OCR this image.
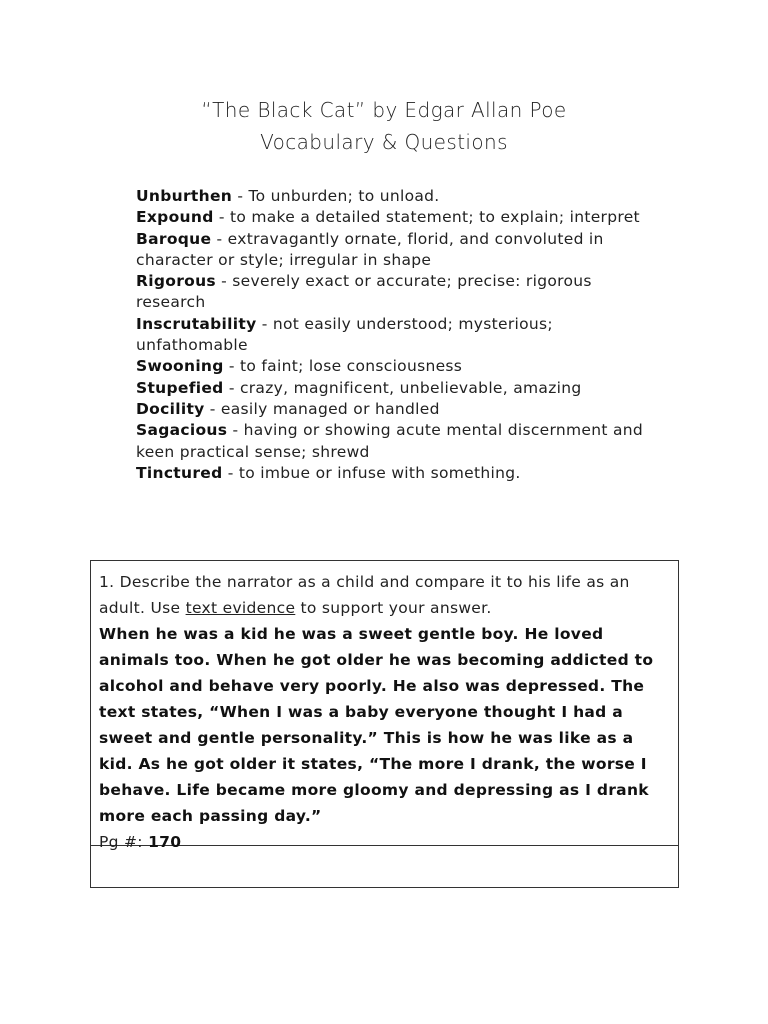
“The Black Cat” by Edgar Allan Poe
Vocabulary & Questions
Unburthen - To unburden; to unload.
Expound - to make a detailed statement; to explain; interpret
Baroque - extravagantly ornate, florid, and convoluted in character or style; irregular in shape
Rigorous - severely exact or accurate; precise: rigorous research
Inscrutability - not easily understood; mysterious; unfathomable
Swooning - to faint; lose consciousness
Stupefied - crazy, magnificent, unbelievable, amazing
Docility - easily managed or handled
Sagacious - having or showing acute mental discernment and keen practical sense; shrewd
Tinctured - to imbue or infuse with something.
1. Describe the narrator as a child and compare it to his life as an adult. Use text evidence to support your answer.
When he was a kid he was a sweet gentle boy. He loved animals too. When he got older he was becoming addicted to alcohol and behave very poorly. He also was depressed. The text states, “When I was a baby everyone thought I had a sweet and gentle personality.” This is how he was like as a kid. As he got older it states, “The more I drank, the worse I behave. Life became more gloomy and depressing as I drank more each passing day.”
Pg #: 170
